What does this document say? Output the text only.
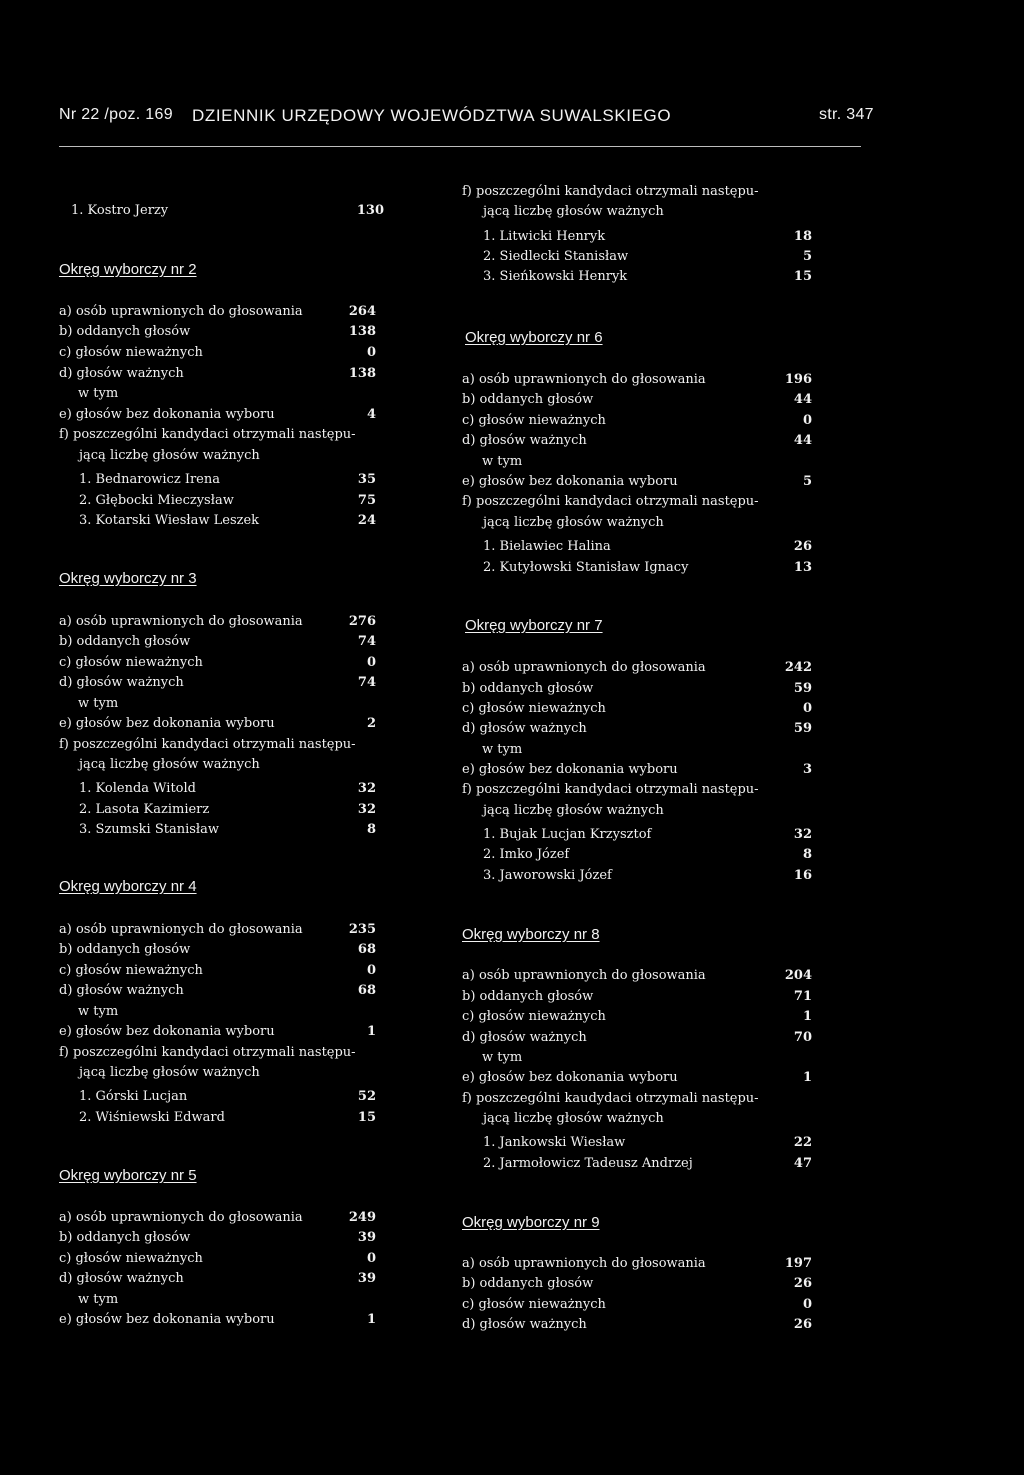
Nr 22 /poz. 169 DZIENNIK URZĘDOWY WOJEWÓDZTWA SUWALSKIEGO	str. 347
1. Kostro Jerzy	130
Okręg wyborczy nr 2
a) osób uprawnionych do głosowania	264
b) oddanych głosów	138
c) głosów nieważnych	0
d) głosów ważnych	138
w tym
e) głosów bez dokonania wyboru	4
f) poszczególni kandydaci otrzymali następu-
jącą liczbę głosów ważnych
1. Bednarowicz Irena	35
2. Głębocki Mieczysław	75
3. Kotarski Wiesław Leszek	24
Okręg wyborczy nr 3
a) osób uprawnionych do głosowania	276
b) oddanych głosów	74
c) głosów nieważnych	0
d) głosów ważnych	74
w tym
e) głosów bez dokonania wyboru	2
f) poszczególni kandydaci otrzymali następu-
jącą liczbę głosów ważnych
1. Kolenda Witold	32
2. Lasota Kazimierz	32
3. Szumski Stanisław	8
Okręg wyborczy nr 4
a) osób uprawnionych do głosowania	235
b) oddanych głosów	68
c) głosów nieważnych	0
d) głosów ważnych	68
w tym
e) głosów bez dokonania wyboru	1
f) poszczególni kandydaci otrzymali następu-
jącą liczbę głosów ważnych
1. Górski Lucjan	52
2. Wiśniewski Edward	15
Okręg wyborczy nr 5
a) osób uprawnionych do głosowania	249
b) oddanych głosów	39
c) głosów nieważnych	0
d) głosów ważnych	39
w tym
e) głosów bez dokonania wyboru	1
f) poszczególni kandydaci otrzymali następu-
jącą liczbę głosów ważnych
1. Litwicki Henryk	18
2. Siedlecki Stanisław	5
3. Sieńkowski Henryk	15
Okręg wyborczy nr 6
a) osób uprawnionych do głosowania	196
b) oddanych głosów	44
c) głosów nieważnych	0
d) głosów ważnych	44
w tym
e) głosów bez dokonania wyboru	5
f) poszczególni kandydaci otrzymali następu-
jącą liczbę głosów ważnych
1. Bielawiec Halina	26
2. Kutyłowski Stanisław Ignacy	13
Okręg wyborczy nr 7
a) osób uprawnionych do głosowania	242
b) oddanych głosów	59
c) głosów nieważnych	0
d) głosów ważnych	59
w tym
e) głosów bez dokonania wyboru	3
f) poszczególni kandydaci otrzymali następu-
jącą liczbę głosów ważnych
1. Bujak Lucjan Krzysztof	32
2. Imko Józef	8
3. Jaworowski Józef	16
Okręg wyborczy nr 8
a) osób uprawnionych do głosowania	204
b) oddanych głosów	71
c) głosów nieważnych	1
d) głosów ważnych	70
w tym
e) głosów bez dokonania wyboru	1
f) poszczególni kaudydaci otrzymali następu-
jącą liczbę głosów ważnych
1. Jankowski Wiesław	22
2. Jarmołowicz Tadeusz Andrzej	47
Okręg wyborczy nr 9
a) osób uprawnionych do głosowania	197
b) oddanych głosów	26
c) głosów nieważnych	0
d) głosów ważnych	26
